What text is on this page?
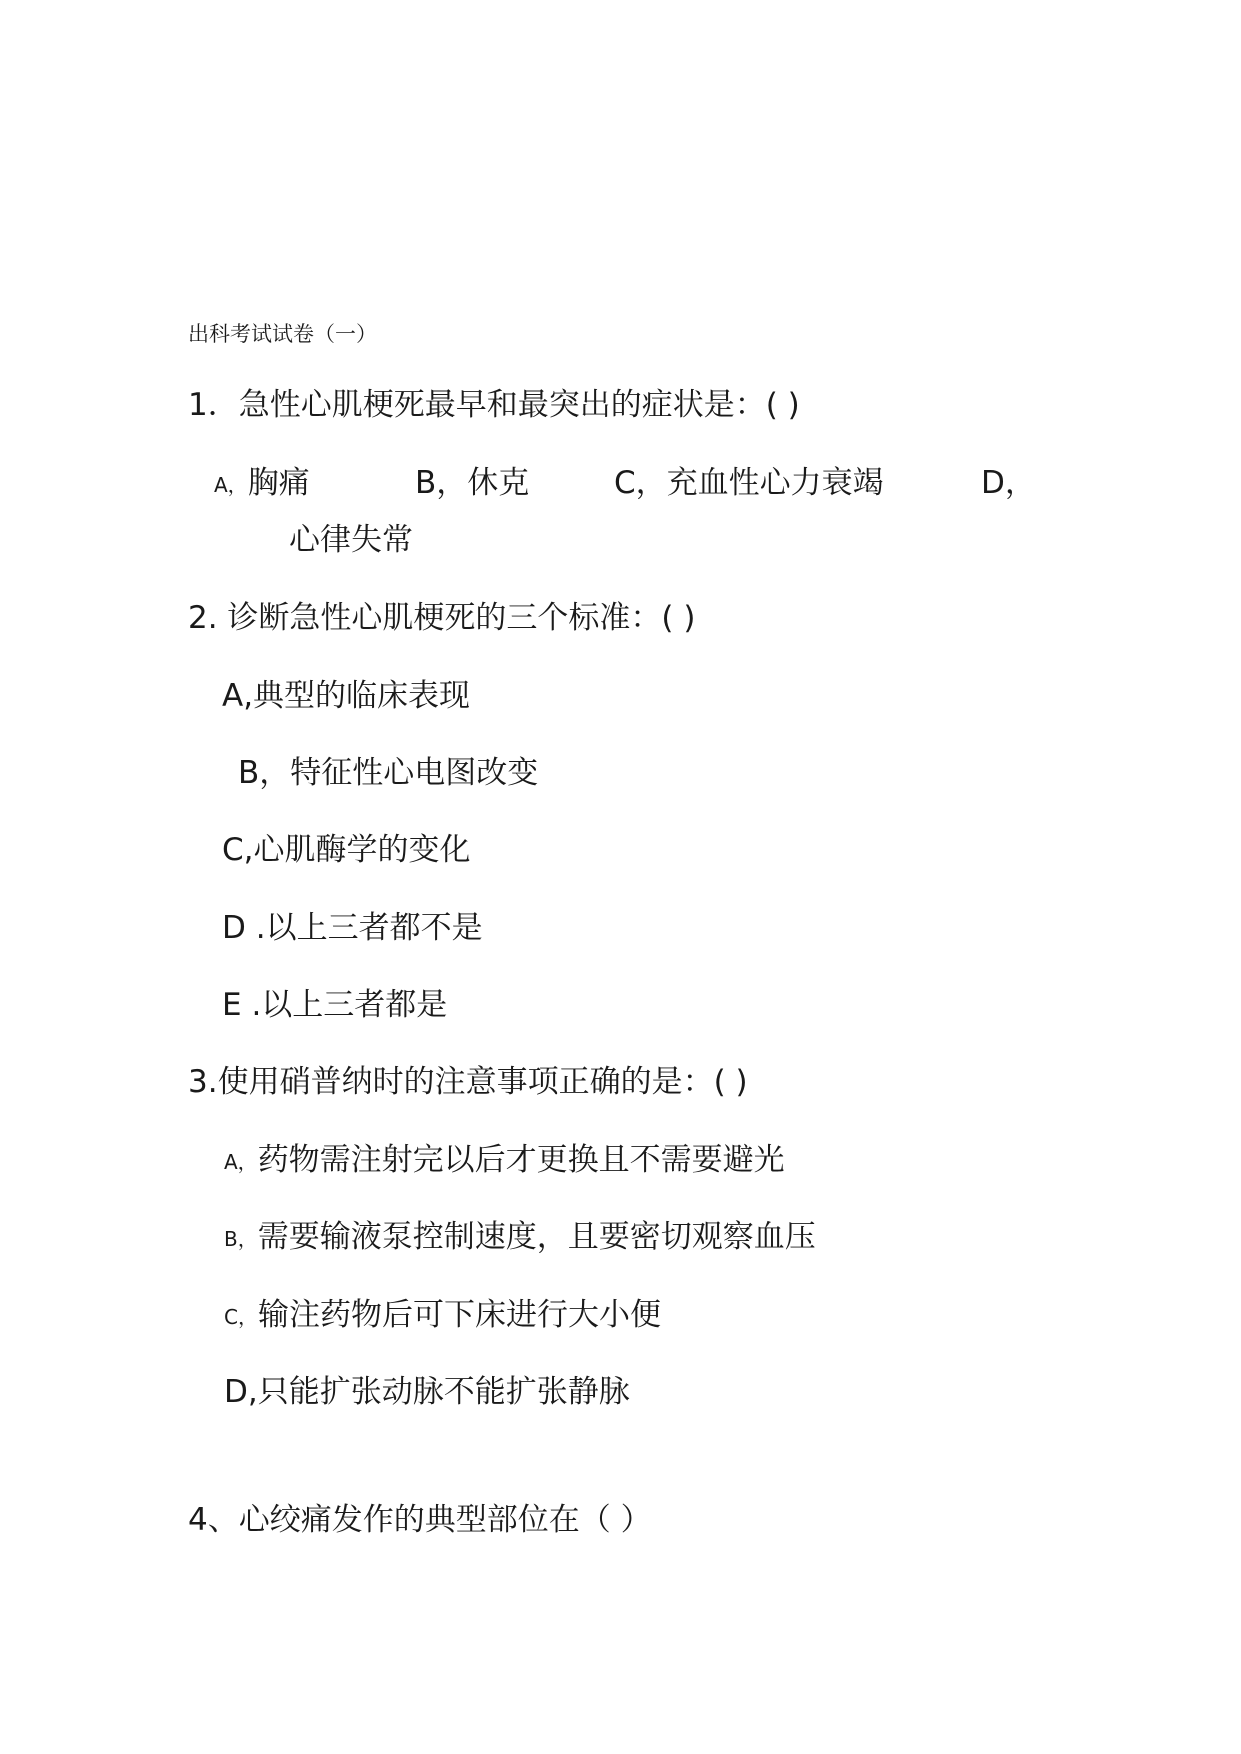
出科考试试卷（一）
1．急性心肌梗死最早和最突出的症状是：( )
A，胸痛	B，休克	C，充血性心力衰竭	D，
心律失常
2. 诊断急性心肌梗死的三个标准：( )
A,典型的临床表现
B，特征性心电图改变
C,心肌酶学的变化
D .以上三者都不是
E .以上三者都是
3.使用硝普纳时的注意事项正确的是：( )
A，药物需注射完以后才更换且不需要避光
B，需要输液泵控制速度，且要密切观察血压
C，输注药物后可下床进行大小便
D,只能扩张动脉不能扩张静脉
4、心绞痛发作的典型部位在（ ）
